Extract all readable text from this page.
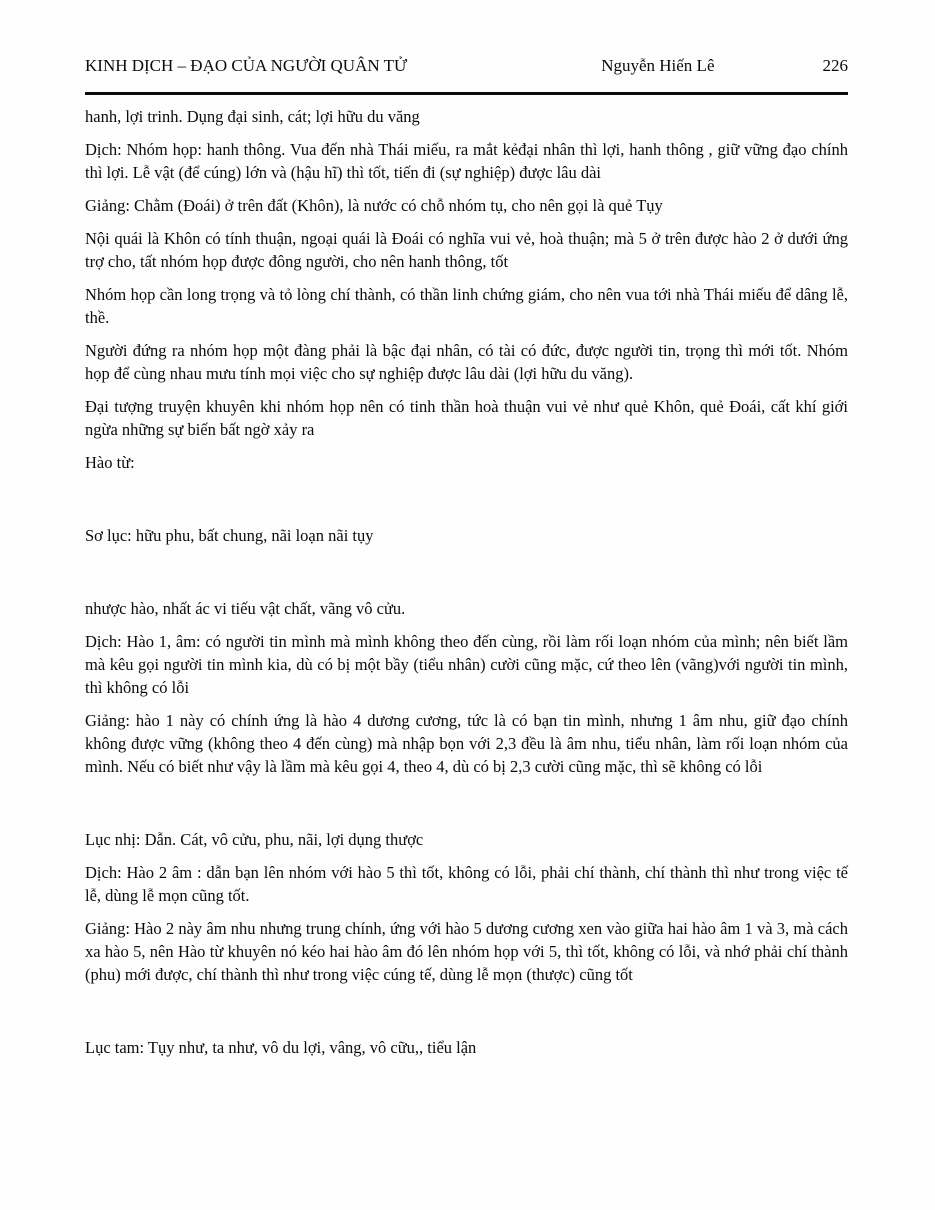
KINH DỊCH – ĐẠO CỦA NGƯỜI QUÂN TỬ	Nguyễn Hiến Lê	226

hanh, lợi trinh. Dụng đại sinh, cát; lợi hữu du văng

Dịch: Nhóm họp: hanh thông. Vua đến nhà Thái miếu, ra mắt kẻđại nhân thì lợi, hanh thông , giữ vững đạo chính thì lợi. Lễ vật (để cúng) lớn và (hậu hĩ) thì tốt, tiến đi (sự nghiệp) được lâu dài

Giảng: Chằm (Đoái) ở trên đất (Khôn), là nước có chỗ nhóm tụ, cho nên gọi là quẻ Tụy

Nội quái là Khôn có tính thuận, ngoại quái là Đoái có nghĩa vui vẻ, hoà thuận; mà 5 ở trên được hào 2 ở dưới ứng trợ cho, tất nhóm họp được đông người, cho nên hanh thông, tốt

Nhóm họp cần long trọng và tỏ lòng chí thành, có thần linh chứng giám, cho nên vua tới nhà Thái miếu để dâng lễ, thề.

Người đứng ra nhóm họp một đàng phải là bậc đại nhân, có tài có đức, được người tin, trọng thì mới tốt. Nhóm họp để cùng nhau mưu tính mọi việc cho sự nghiệp được lâu dài (lợi hữu du văng).

Đại tượng truyện khuyên khi nhóm họp nên có tinh thần hoà thuận vui vẻ như quẻ Khôn, quẻ Đoái, cất khí giới ngừa những sự biến bất ngờ xảy ra

Hào từ:

Sơ lục: hữu phu, bất chung, nãi loạn nãi tụy

nhược hào, nhất ác vi tiếu vật chất, vãng vô cửu.

Dịch: Hào 1, âm: có người tin mình mà mình không theo đến cùng, rồi làm rối loạn nhóm của mình; nên biết lầm mà kêu gọi người tin mình kia, dù có bị một bầy (tiểu nhân) cười cũng mặc, cứ theo lên (vãng)với người tin mình, thì không có lỗi

Giảng: hào 1 này có chính ứng là hào 4 dương cương, tức là có bạn tin mình, nhưng 1 âm nhu, giữ đạo chính không được vững (không theo 4 đến cùng) mà nhập bọn với 2,3 đều là âm nhu, tiểu nhân, làm rối loạn nhóm của mình. Nếu có biết như vậy là lầm mà kêu gọi 4, theo 4, dù có bị 2,3 cười cũng mặc, thì sẽ không có lỗi

Lục nhị: Dẫn. Cát, vô cửu, phu, nãi, lợi dụng thược

Dịch: Hào 2 âm : dẫn bạn lên nhóm với hào 5 thì tốt, không có lỗi, phải chí thành, chí thành thì như trong việc tế lễ, dùng lễ mọn cũng tốt.

Giảng: Hào 2 này âm nhu nhưng trung chính, ứng với hào 5 dương cương xen vào giữa hai hào âm 1 và 3, mà cách xa hào 5, nên Hào từ khuyên nó kéo hai hào âm đó lên nhóm họp với 5, thì tốt, không có lỗi, và nhớ phải chí thành (phu) mới được, chí thành thì như trong việc cúng tế, dùng lễ mọn (thược) cũng tốt

Lục tam: Tụy như, ta như, vô du lợi, vâng, vô cữu,, tiểu lận
